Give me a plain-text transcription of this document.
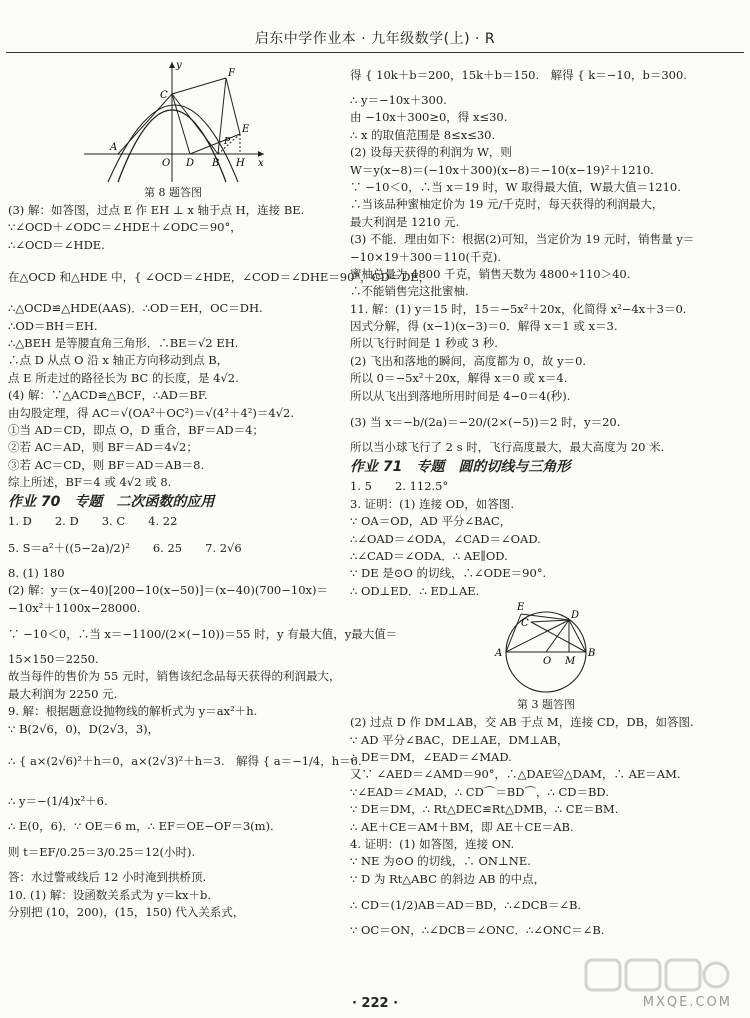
启东中学作业本 · 九年级数学(上) · R
y
x
A
O D B H
C
F
E
P
第 8 题答图
(3) 解：如答图，过点 E 作 EH ⊥ x 轴于点 H，连接 BE.
∵∠OCD＋∠ODC＝∠HDE＋∠ODC＝90°，
∴∠OCD＝∠HDE.
在△OCD 和△HDE 中，{ ∠OCD＝∠HDE，∠COD＝∠DHE＝90°，CD＝DE，
∴△OCD≌△HDE(AAS)．∴OD＝EH，OC＝DH.
∴OD＝BH＝EH.
∴△BEH 是等腰直角三角形．∴BE＝√2 EH.
∴点 D 从点 O 沿 x 轴正方向移动到点 B，
点 E 所走过的路径长为 BC 的长度，是 4√2.
(4) 解：∵△ACD≌△BCF，∴AD＝BF.
由勾股定理，得 AC＝√(OA²＋OC²)＝√(4²＋4²)＝4√2.
①当 AD＝CD，即点 O，D 重合，BF＝AD＝4；
②若 AC＝AD，则 BF＝AD＝4√2；
③若 AC＝CD，则 BF＝AD＝AB＝8.
综上所述，BF＝4 或 4√2 或 8.
作业 70　专题　二次函数的应用
1. D　　2. D　　3. C　　4. 22
5. S＝a²＋((5−2a)/2)²　　6. 25　　7. 2√6
8. (1) 180
(2) 解：y＝(x−40)[200−10(x−50)]＝(x−40)(700−10x)＝
−10x²＋1100x−28000.
∵ −10＜0，∴当 x＝−1100/(2×(−10))＝55 时，y 有最大值，y最大值＝
15×150＝2250.
故当每件的售价为 55 元时，销售该纪念品每天获得的利润最大，
最大利润为 2250 元.
9. 解：根据题意设抛物线的解析式为 y＝ax²＋h.
∵ B(2√6，0)，D(2√3，3)，
∴ { a×(2√6)²＋h＝0，a×(2√3)²＋h＝3.　解得 { a＝−1/4，h＝6.
∴ y＝−(1/4)x²＋6.
∴ E(0，6)．∵ OE＝6 m，∴ EF＝OE−OF＝3(m).
则 t＝EF/0.25＝3/0.25＝12(小时).
答：水过警戒线后 12 小时淹到拱桥顶.
10. (1) 解：设函数关系式为 y＝kx＋b.
分别把 (10，200)，(15，150) 代入关系式，
得 { 10k＋b＝200，15k＋b＝150.　解得 { k＝−10，b＝300.
∴ y＝−10x＋300.
由 −10x＋300≥0，得 x≤30.
∴ x 的取值范围是 8≤x≤30.
(2) 设每天获得的利润为 W，则
W＝y(x−8)＝(−10x＋300)(x−8)＝−10(x−19)²＋1210.
∵ −10＜0，∴当 x＝19 时，W 取得最大值，W最大值＝1210.
∴当该品种蜜柚定价为 19 元/千克时，每天获得的利润最大，
最大利润是 1210 元.
(3) 不能．理由如下：根据(2)可知，当定价为 19 元时，销售量 y＝
−10×19＋300＝110(千克).
蜜柚总量为 4800 千克，销售天数为 4800÷110＞40.
∴不能销售完这批蜜柚.
11. 解：(1) y＝15 时，15＝−5x²＋20x，化简得 x²−4x＋3＝0.
因式分解，得 (x−1)(x−3)＝0．解得 x＝1 或 x＝3.
所以飞行时间是 1 秒或 3 秒.
(2) 飞出和落地的瞬间，高度都为 0，故 y＝0.
所以 0＝−5x²＋20x，解得 x＝0 或 x＝4.
所以从飞出到落地所用时间是 4−0＝4(秒).
(3) 当 x＝−b/(2a)＝−20/(2×(−5))＝2 时，y＝20.
所以当小球飞行了 2 s 时，飞行高度最大，最大高度为 20 米.
作业 71　专题　圆的切线与三角形
1. 5　　2. 112.5°
3. 证明：(1) 连接 OD，如答图.
∵ OA＝OD，AD 平分∠BAC，
∴∠OAD＝∠ODA，∠CAD＝∠OAD.
∴∠CAD＝∠ODA．∴ AE∥OD.
∵ DE 是⊙O 的切线，∴∠ODE＝90°.
∴ OD⊥ED．∴ ED⊥AE.
E
C
D
A
O M
B
第 3 题答图
(2) 过点 D 作 DM⊥AB，交 AB 于点 M，连接 CD，DB，如答图.
∵ AD 平分∠BAC，DE⊥AE，DM⊥AB，
∴ DE＝DM，∠EAD＝∠MAD.
又∵ ∠AED＝∠AMD＝90°，∴△DAE≌△DAM，∴ AE＝AM.
∵∠EAD＝∠MAD，∴ CD⌒＝BD⌒，∴ CD＝BD.
∵ DE＝DM，∴ Rt△DEC≌Rt△DMB，∴ CE＝BM.
∴ AE＋CE＝AM＋BM，即 AE＋CE＝AB.
4. 证明：(1) 如答图，连接 ON.
∵ NE 为⊙O 的切线，∴ ON⊥NE.
∵ D 为 Rt△ABC 的斜边 AB 的中点，
∴ CD＝(1/2)AB＝AD＝BD，∴∠DCB＝∠B.
∵ OC＝ON，∴∠DCB＝∠ONC．∴∠ONC＝∠B.
· 222 ·	MXQE.COM
